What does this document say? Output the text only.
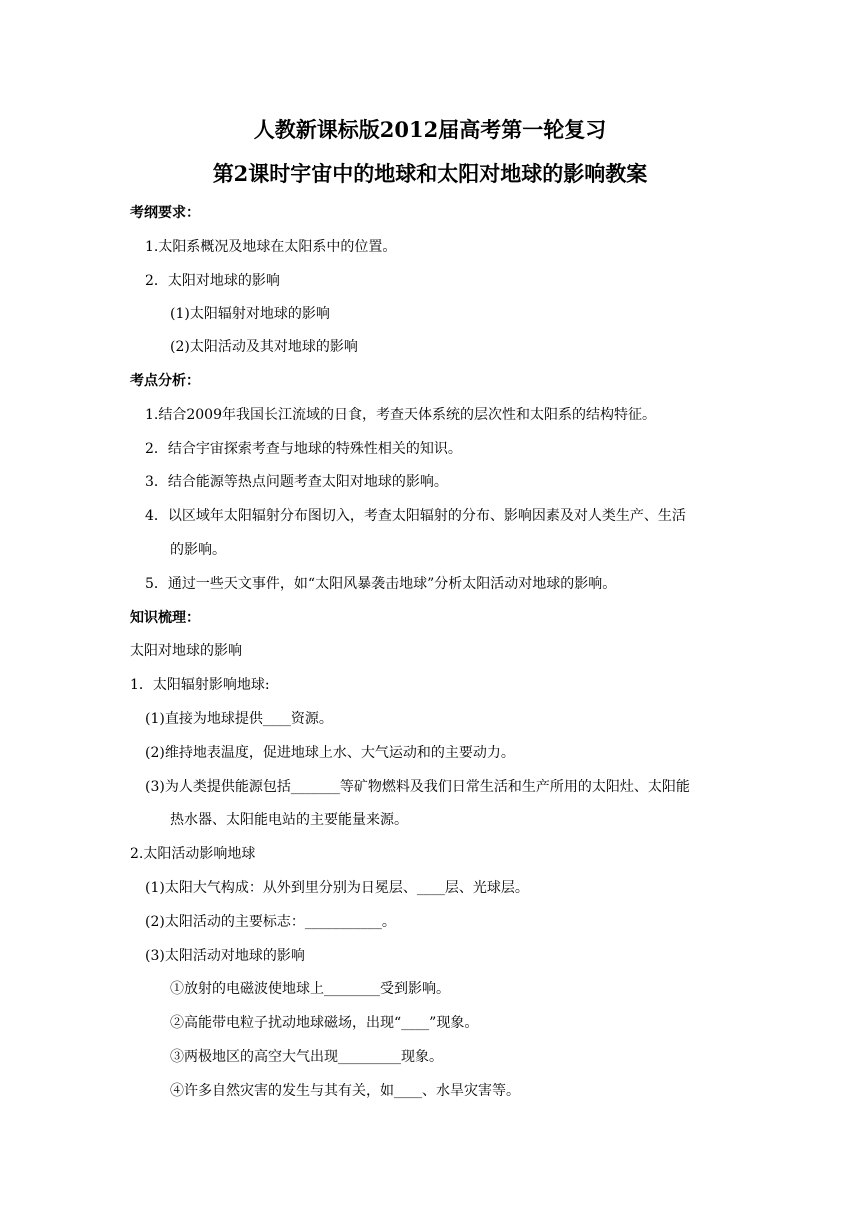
人教新课标版2012届高考第一轮复习
第2课时宇宙中的地球和太阳对地球的影响教案
考纲要求：
1.太阳系概况及地球在太阳系中的位置。
2．太阳对地球的影响
(1)太阳辐射对地球的影响
(2)太阳活动及其对地球的影响
考点分析：
1.结合2009年我国长江流域的日食，考查天体系统的层次性和太阳系的结构特征。
2．结合宇宙探索考查与地球的特殊性相关的知识。
3．结合能源等热点问题考查太阳对地球的影响。
4．以区域年太阳辐射分布图切入，考查太阳辐射的分布、影响因素及对人类生产、生活
的影响。
5．通过一些天文事件，如“太阳风暴袭击地球”分析太阳活动对地球的影响。
知识梳理：
太阳对地球的影响
1．太阳辐射影响地球:
(1)直接为地球提供____资源。
(2)维持地表温度，促进地球上水、大气运动和的主要动力。
(3)为人类提供能源包括_______等矿物燃料及我们日常生活和生产所用的太阳灶、太阳能
热水器、太阳能电站的主要能量来源。
2.太阳活动影响地球
(1)太阳大气构成：从外到里分别为日冕层、____层、光球层。
(2)太阳活动的主要标志：___________。
(3)太阳活动对地球的影响
①放射的电磁波使地球上________受到影响。
②高能带电粒子扰动地球磁场，出现“____”现象。
③两极地区的高空大气出现_________现象。
④许多自然灾害的发生与其有关，如____、水旱灾害等。
